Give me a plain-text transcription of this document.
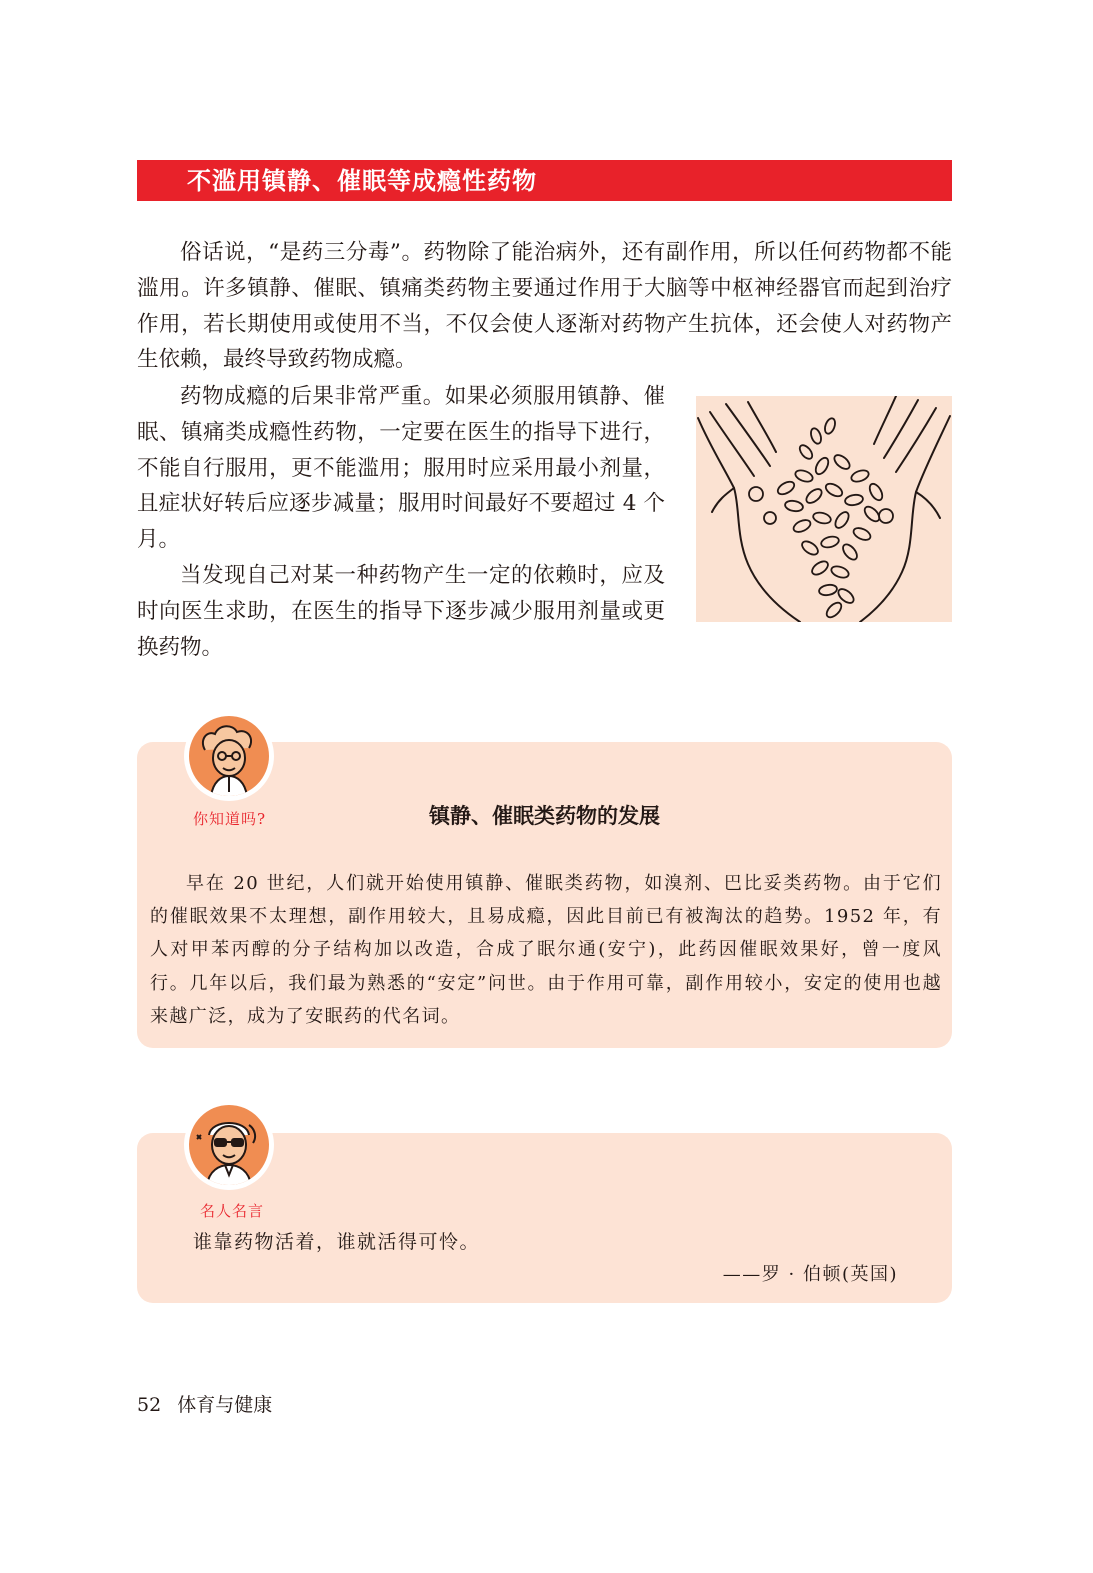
不滥用镇静、催眠等成瘾性药物

俗话说，“是药三分毒”。药物除了能治病外，还有副作用，所以任何药物都不能滥用。许多镇静、催眠、镇痛类药物主要通过作用于大脑等中枢神经器官而起到治疗作用，若长期使用或使用不当，不仅会使人逐渐对药物产生抗体，还会使人对药物产生依赖，最终导致药物成瘾。

药物成瘾的后果非常严重。如果必须服用镇静、催眠、镇痛类成瘾性药物，一定要在医生的指导下进行，不能自行服用，更不能滥用；服用时应采用最小剂量，且症状好转后应逐步减量；服用时间最好不要超过 4 个月。

当发现自己对某一种药物产生一定的依赖时，应及时向医生求助，在医生的指导下逐步减少服用剂量或更换药物。

你知道吗?	镇静、催眠类药物的发展

早在 20 世纪，人们就开始使用镇静、催眠类药物，如溴剂、巴比妥类药物。由于它们的催眠效果不太理想，副作用较大，且易成瘾，因此目前已有被淘汰的趋势。1952 年，有人对甲苯丙醇的分子结构加以改造，合成了眠尔通(安宁)，此药因催眠效果好，曾一度风行。几年以后，我们最为熟悉的“安定”问世。由于作用可靠，副作用较小，安定的使用也越来越广泛，成为了安眠药的代名词。

名人名言

谁靠药物活着，谁就活得可怜。

——罗 · 伯顿(英国)

52 体育与健康
